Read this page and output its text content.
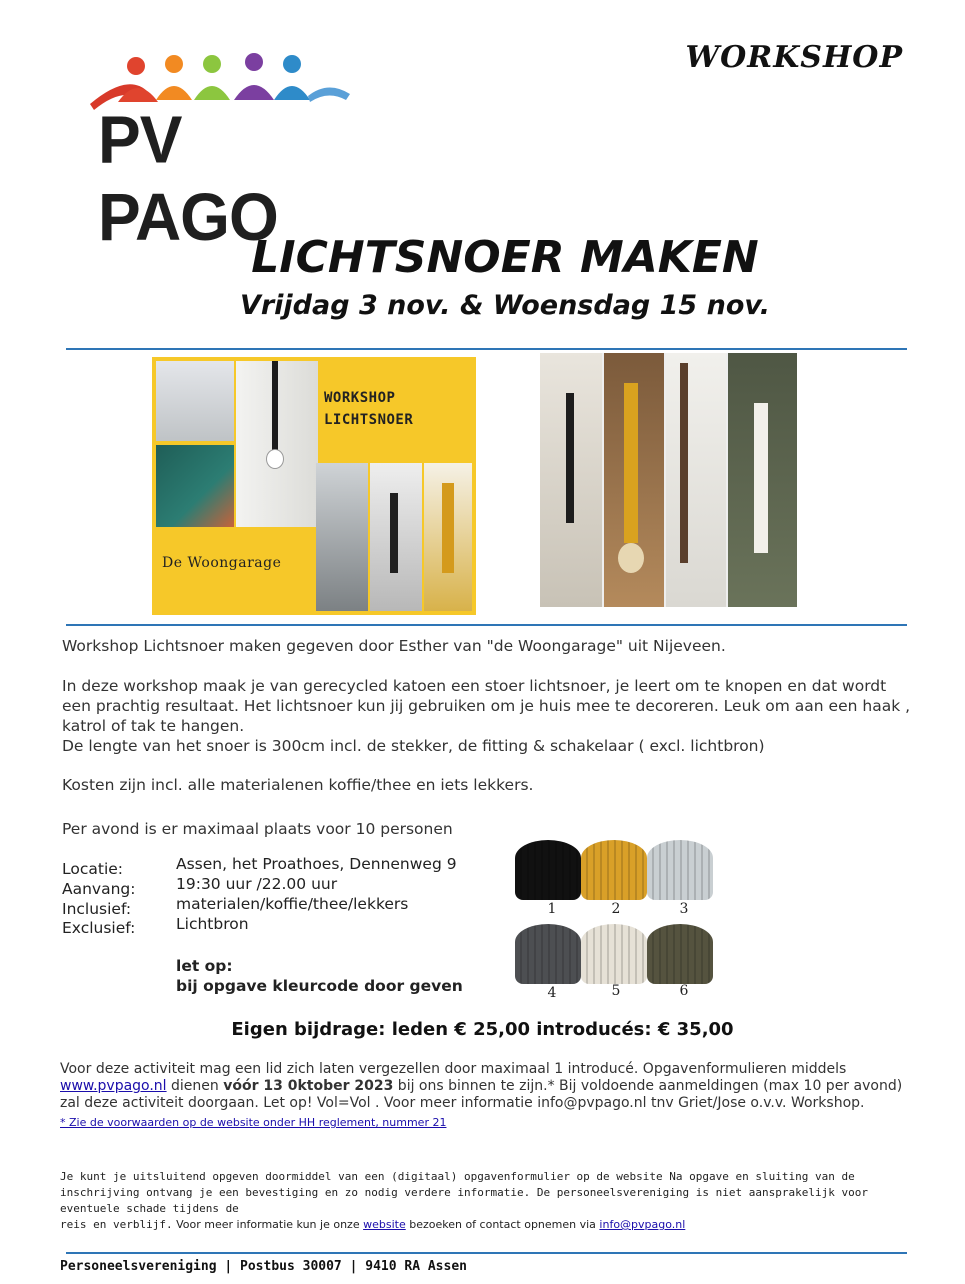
PV PAGO
WORKSHOP
LICHTSNOER MAKEN
Vrijdag 3 nov. & Woensdag 15 nov.
WORKSHOP
LICHTSNOER
De Woongarage
Workshop Lichtsnoer maken gegeven door Esther van "de Woongarage" uit Nijeveen.

In deze workshop maak je van gerecycled katoen een stoer lichtsnoer, je leert om te knopen en dat wordt een prachtig resultaat. Het lichtsnoer kun jij gebruiken om je huis mee te decoreren. Leuk om aan een haak , katrol of tak te hangen.

De lengte van het snoer is 300cm incl. de stekker, de fitting & schakelaar ( excl. lichtbron)

Kosten zijn incl. alle materialenen koffie/thee en iets lekkers.
Per avond is er maximaal plaats voor 10 personen
Locatie:	Assen, het Proathoes, Dennenweg 9
Aanvang:	19:30 uur /22.00 uur
Inclusief:	materialen/koffie/thee/lekkers
Exclusief:	Lichtbron
let op:
bij opgave kleurcode door geven
1	2	3
4	5	6
Eigen bijdrage: leden € 25,00 introducés: € 35,00
Voor deze activiteit mag een lid zich laten vergezellen door maximaal 1 introducé. Opgavenformulieren middels
www.pvpago.nl dienen vóór 13 0ktober 2023 bij ons binnen te zijn.* Bij voldoende aanmeldingen (max 10 per avond) zal deze activiteit doorgaan. Let op! Vol=Vol . Voor meer informatie info@pvpago.nl tnv Griet/Jose o.v.v. Workshop.
* Zie de voorwaarden op de website onder HH reglement, nummer 21
Je kunt je uitsluitend opgeven doormiddel van een (digitaal) opgavenformulier op de website Na opgave en sluiting van de inschrijving ontvang je een bevestiging en zo nodig verdere informatie. De personeelsvereniging is niet aansprakelijk voor eventuele schade tijdens de
reis en verblijf. Voor meer informatie kun je onze website bezoeken of contact opnemen via info@pvpago.nl
Personeelsvereniging | Postbus 30007 | 9410 RA Assen
